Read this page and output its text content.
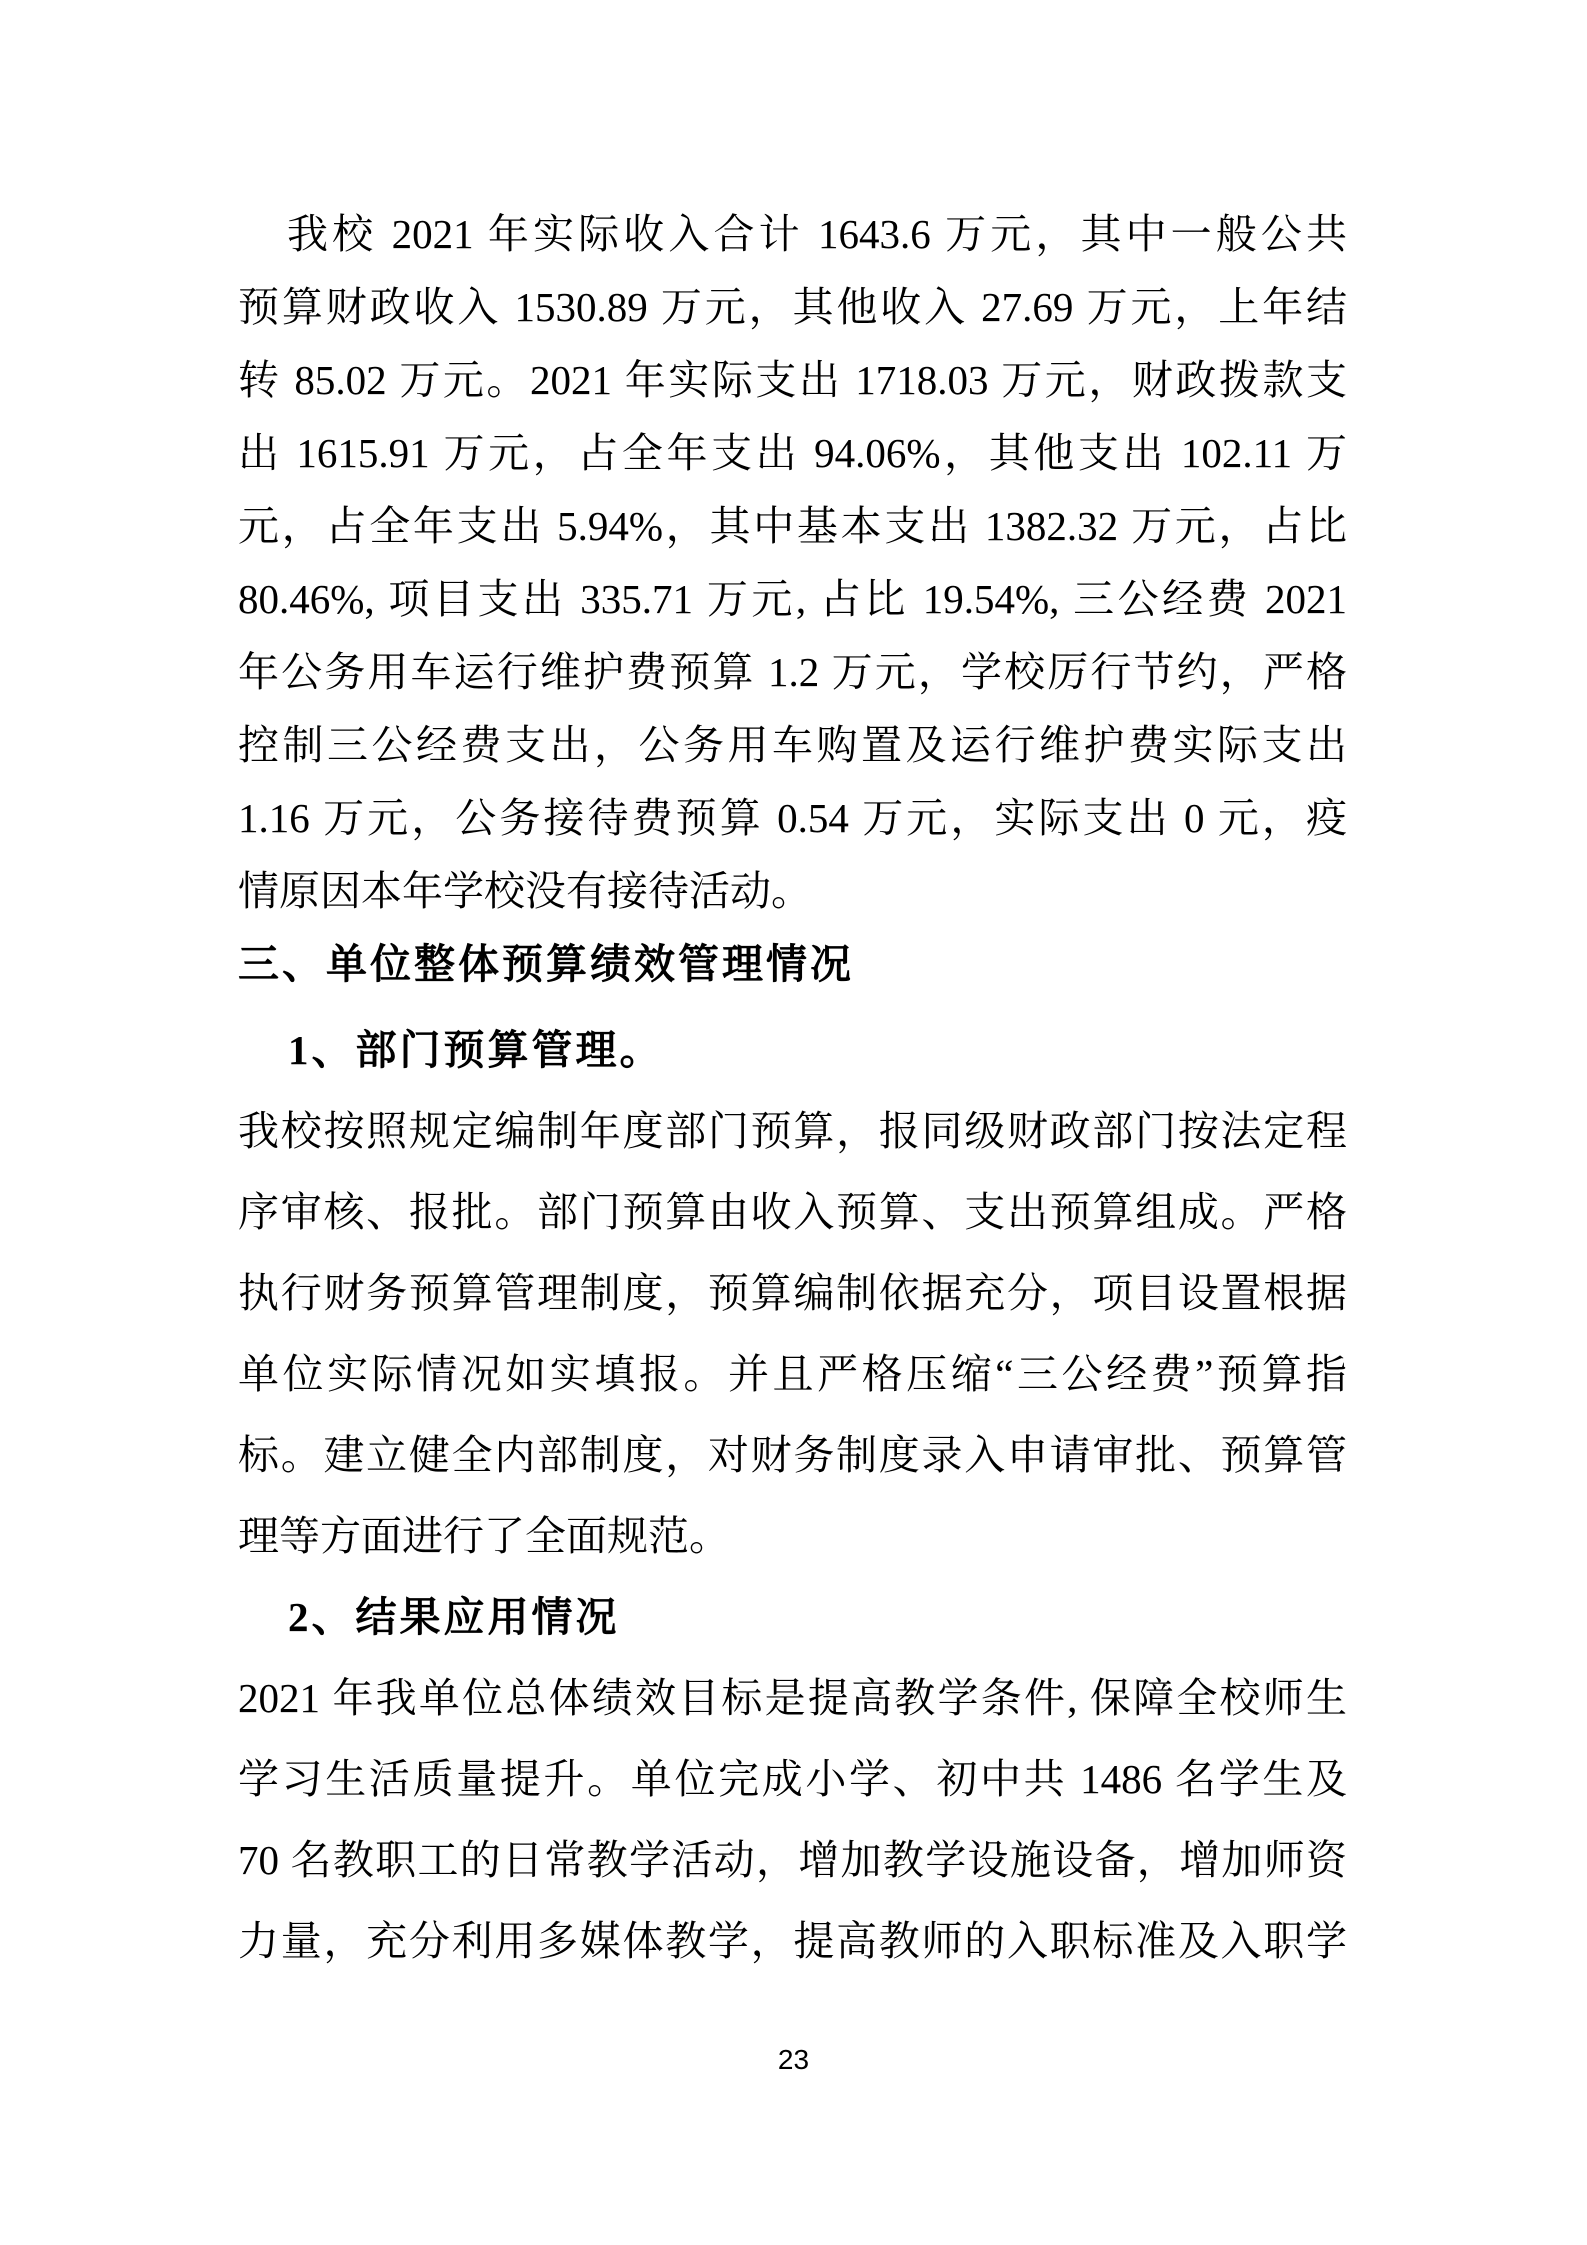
我校 2021 年实际收入合计 1643.6 万元，其中一般公共
预算财政收入 1530.89 万元，其他收入 27.69 万元，上年结
转 85.02 万元。2021 年实际支出 1718.03 万元，财政拨款支
出 1615.91 万元，占全年支出 94.06%，其他支出 102.11 万
元，占全年支出 5.94%，其中基本支出 1382.32 万元，占比
80.46%, 项目支出 335.71 万元, 占比 19.54%, 三公经费 2021
年公务用车运行维护费预算 1.2 万元，学校厉行节约，严格
控制三公经费支出，公务用车购置及运行维护费实际支出
1.16 万元，公务接待费预算 0.54 万元，实际支出 0 元，疫
情原因本年学校没有接待活动。
三、单位整体预算绩效管理情况
1、部门预算管理。
我校按照规定编制年度部门预算，报同级财政部门按法定程
序审核、报批。部门预算由收入预算、支出预算组成。严格
执行财务预算管理制度，预算编制依据充分，项目设置根据
单位实际情况如实填报。并且严格压缩“三公经费”预算指
标。建立健全内部制度，对财务制度录入申请审批、预算管
理等方面进行了全面规范。
2、结果应用情况
2021 年我单位总体绩效目标是提高教学条件, 保障全校师生
学习生活质量提升。单位完成小学、初中共 1486 名学生及
70 名教职工的日常教学活动，增加教学设施设备，增加师资
力量，充分利用多媒体教学，提高教师的入职标准及入职学
23
